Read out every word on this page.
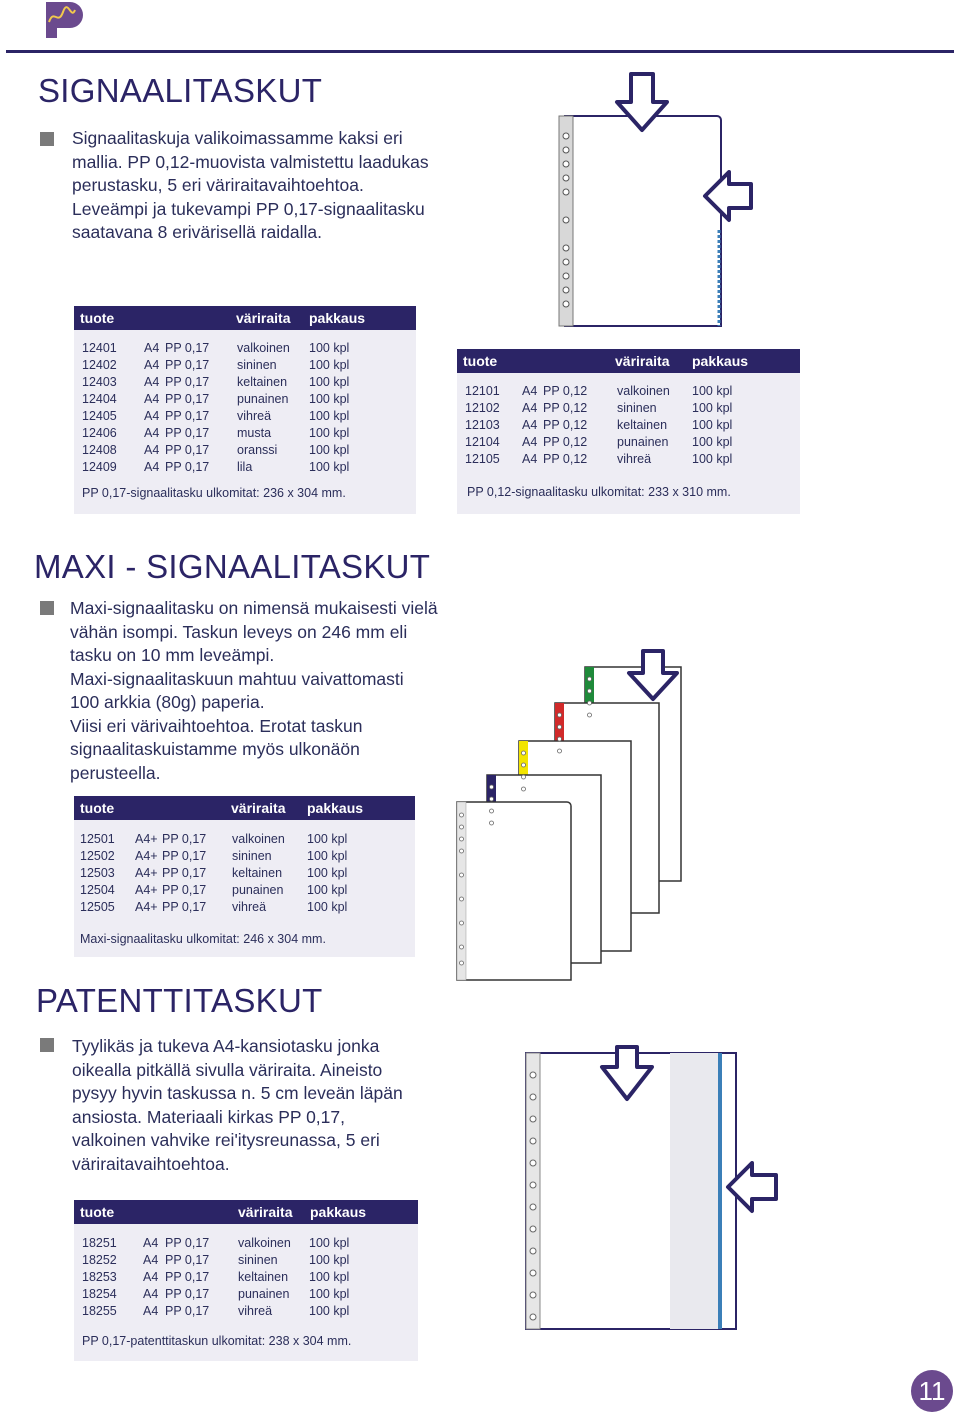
SIGNAALITASKUT
Signaalitaskuja valikoimassamme kaksi eri
mallia. PP 0,12-muovista valmistettu laadukas
perustasku, 5 eri väriraitavaihtoehtoa.
Leveämpi ja tukevampi PP 0,17-signaalitasku
saatavana 8 erivärisellä raidalla.
tuote	väriraita pakkaus
12401 A4 PP 0,17 valkoinen 100 kpl
12402 A4 PP 0,17 sininen	100 kpl
12403 A4 PP 0,17 keltainen 100 kpl
12404 A4 PP 0,17 punainen 100 kpl
12405 A4 PP 0,17 vihreä	100 kpl
12406 A4 PP 0,17 musta	100 kpl
12408 A4 PP 0,17 oranssi	100 kpl
12409 A4 PP 0,17 lila	100 kpl
PP 0,17-signaalitasku ulkomitat: 236 x 304 mm.
tuote	väriraita pakkaus
12101 A4 PP 0,12 valkoinen 100 kpl
12102 A4 PP 0,12 sininen	100 kpl
12103 A4 PP 0,12 keltainen 100 kpl
12104 A4 PP 0,12 punainen 100 kpl
12105 A4 PP 0,12 vihreä	100 kpl
PP 0,12-signaalitasku ulkomitat: 233 x 310 mm.
MAXI - SIGNAALITASKUT
Maxi-signaalitasku on nimensä mukaisesti vielä
vähän isompi. Taskun leveys on 246 mm eli
tasku on 10 mm leveämpi.
Maxi-signaalitaskuun mahtuu vaivattomasti
100 arkkia (80g) paperia.
Viisi eri värivaihtoehtoa. Erotat taskun
signaalitaskuistamme myös ulkonäön
perusteella.
tuote	väriraita pakkaus
12501 A4+ PP 0,17 valkoinen 100 kpl
12502 A4+ PP 0,17 sininen	100 kpl
12503 A4+ PP 0,17 keltainen 100 kpl
12504 A4+ PP 0,17 punainen 100 kpl
12505 A4+ PP 0,17 vihreä	100 kpl
Maxi-signaalitasku ulkomitat: 246 x 304 mm.
PATENTTITASKUT
Tyylikäs ja tukeva A4-kansiotasku jonka
oikealla pitkällä sivulla väriraita. Aineisto
pysyy hyvin taskussa n. 5 cm leveän läpän
ansiosta. Materiaali kirkas PP 0,17,
valkoinen vahvike rei'itysreunassa, 5 eri
väriraitavaihtoehtoa.
tuote	väriraita pakkaus
18251 A4 PP 0,17 valkoinen 100 kpl
18252 A4 PP 0,17 sininen	100 kpl
18253 A4 PP 0,17 keltainen 100 kpl
18254 A4 PP 0,17 punainen 100 kpl
18255 A4 PP 0,17 vihreä	100 kpl
PP 0,17-patenttitaskun ulkomitat: 238 x 304 mm.
11
